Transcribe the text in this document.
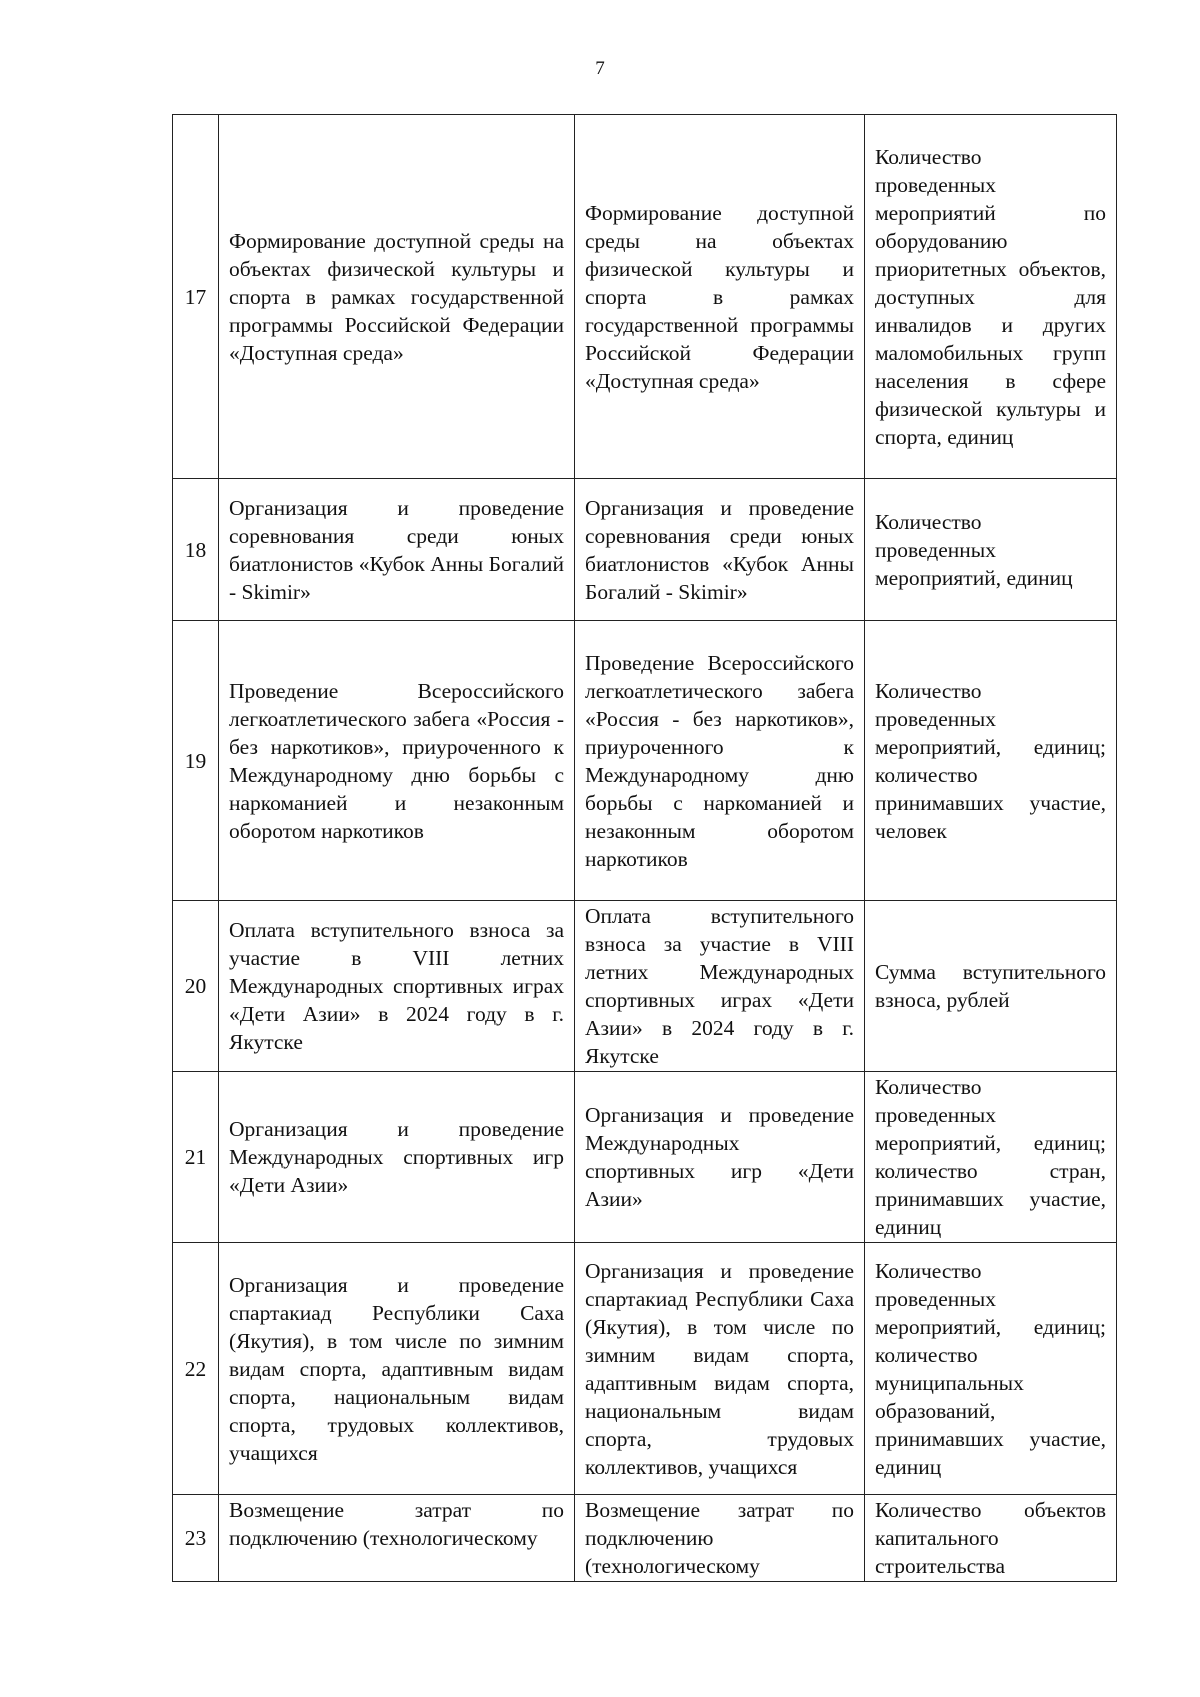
7
17	Формирование доступной среды на объектах физической культуры и спорта в рамках государственной программы Российской Федерации «Доступная среда»	Формирование доступной среды на объектах физической культуры и спорта в рамках государственной программы Российской Федерации «Доступная среда»	Количество проведенных мероприятий по оборудованию приоритетных объектов, доступных для инвалидов и других маломобильных групп населения в сфере физической культуры и спорта, единиц
18	Организация и проведение соревнования среди юных биатлонистов «Кубок Анны Богалий - Skimir»	Организация и проведение соревнования среди юных биатлонистов «Кубок Анны Богалий - Skimir»	Количество проведенных мероприятий, единиц
19	Проведение Всероссийского легкоатлетического забега «Россия - без наркотиков», приуроченного к Международному дню борьбы с наркоманией и незаконным оборотом наркотиков	Проведение Всероссийского легкоатлетического забега «Россия - без наркотиков», приуроченного к Международному дню борьбы с наркоманией и незаконным оборотом наркотиков	Количество проведенных мероприятий, единиц; количество принимавших участие, человек
20	Оплата вступительного взноса за участие в VIII летних Международных спортивных играх «Дети Азии» в 2024 году в г. Якутске	Оплата вступительного взноса за участие в VIII летних Международных спортивных играх «Дети Азии» в 2024 году в г. Якутске	Сумма вступительного взноса, рублей
21	Организация и проведение Международных спортивных игр «Дети Азии»	Организация и проведение Международных спортивных игр «Дети Азии»	Количество проведенных мероприятий, единиц; количество стран, принимавших участие, единиц
22	Организация и проведение спартакиад Республики Саха (Якутия), в том числе по зимним видам спорта, адаптивным видам спорта, национальным видам спорта, трудовых коллективов, учащихся	Организация и проведение спартакиад Республики Саха (Якутия), в том числе по зимним видам спорта, адаптивным видам спорта, национальным видам спорта, трудовых коллективов, учащихся	Количество проведенных мероприятий, единиц; количество муниципальных образований, принимавших участие, единиц
23	Возмещение затрат по подключению (технологическому	Возмещение затрат по подключению (технологическому	Количество объектов капитального строительства
